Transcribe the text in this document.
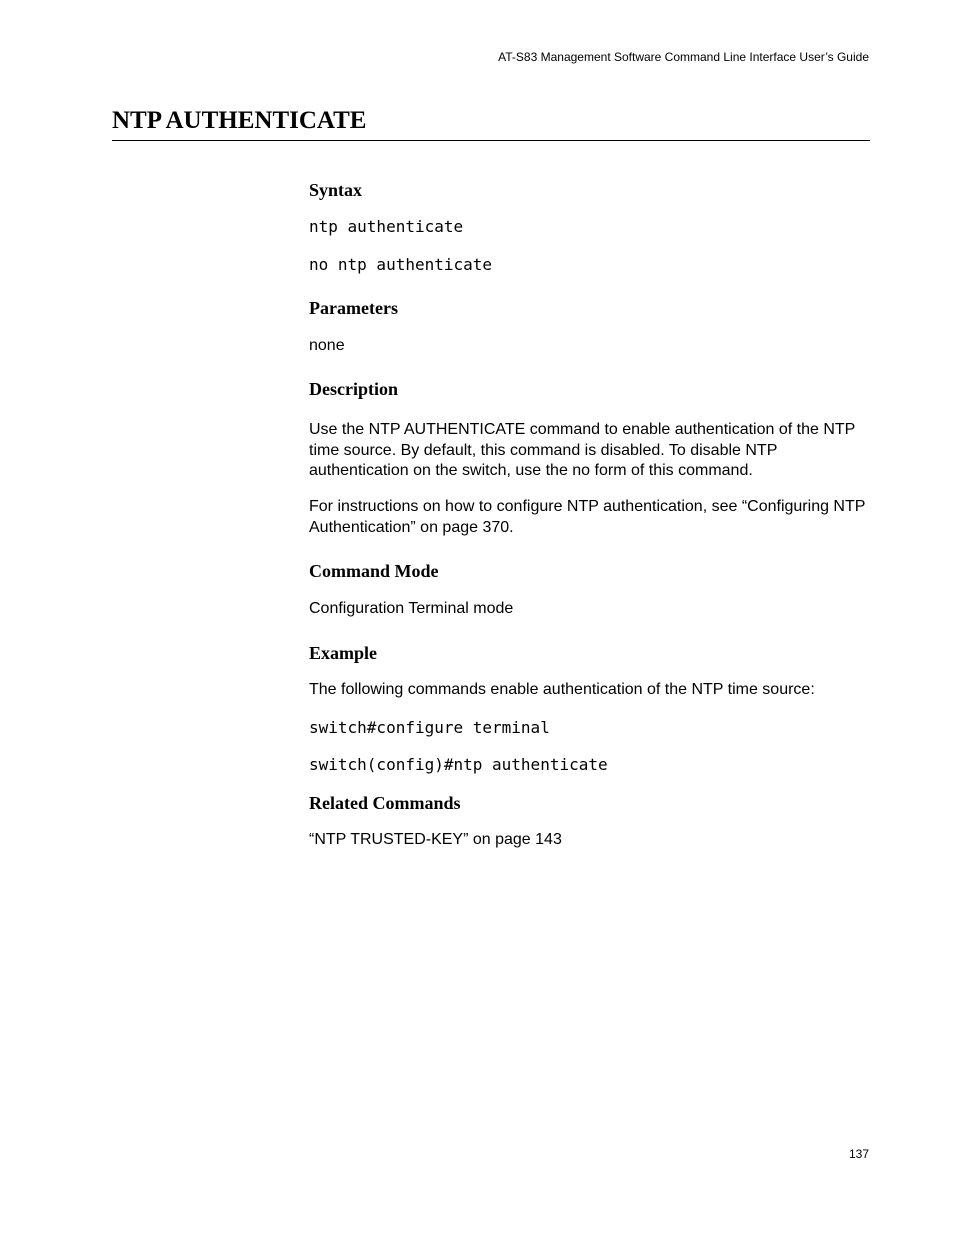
AT-S83 Management Software Command Line Interface User’s Guide
NTP AUTHENTICATE
Syntax
ntp authenticate
no ntp authenticate
Parameters

none

Description

Use the NTP AUTHENTICATE command to enable authentication of the NTP time source. By default, this command is disabled. To disable NTP authentication on the switch, use the no form of this command.

For instructions on how to configure NTP authentication, see “Configuring NTP Authentication” on page 370.

Command Mode

Configuration Terminal mode

Example

The following commands enable authentication of the NTP time source:

switch#configure terminal
switch(config)#ntp authenticate
Related Commands

“NTP TRUSTED-KEY” on page 143

137
